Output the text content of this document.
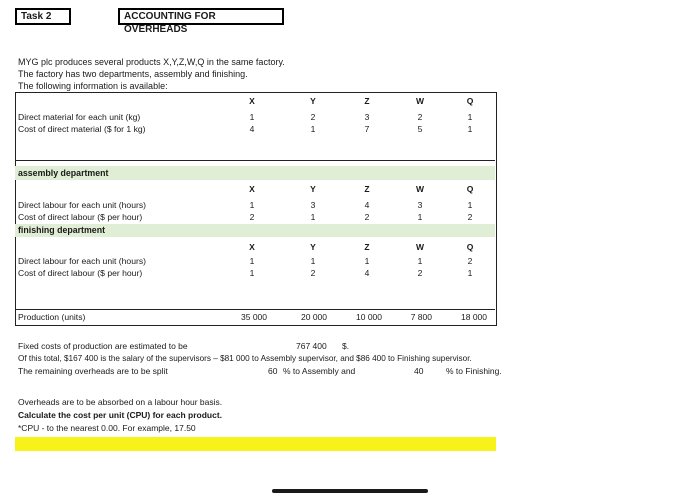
Task 2	ACCOUNTING FOR OVERHEADS
MYG plc produces several products X,Y,Z,W,Q in the same factory.
The factory has two departments, assembly and finishing.
The following information is available:
X	Y	Z	W	Q
Direct material for each unit (kg)	1	2	3	2	1
Cost of direct material ($ for 1 kg)	4	1	7	5	1
assembly department
X	Y	Z	W	Q
Direct labour for each unit (hours)	1	3	4	3	1
Cost of direct labour ($ per hour)	2	1	2	1	2
finishing department
X	Y	Z	W	Q
Direct labour for each unit (hours)	1	1	1	1	2
Cost of direct labour ($ per hour)	1	2	4	2	1
Production (units)	35 000	20 000	10 000	7 800	18 000
Fixed costs of production are estimated to be	767 400 $.
Of this total, $167 400 is the salary of the supervisors – $81 000 to Assembly supervisor, and $86 400 to Finishing supervisor.
The remaining overheads are to be split	60 % to Assembly and	40	% to Finishing.
Overheads are to be absorbed on a labour hour basis.
Calculate the cost per unit (CPU) for each product.
*CPU - to the nearest 0.00. For example, 17.50
